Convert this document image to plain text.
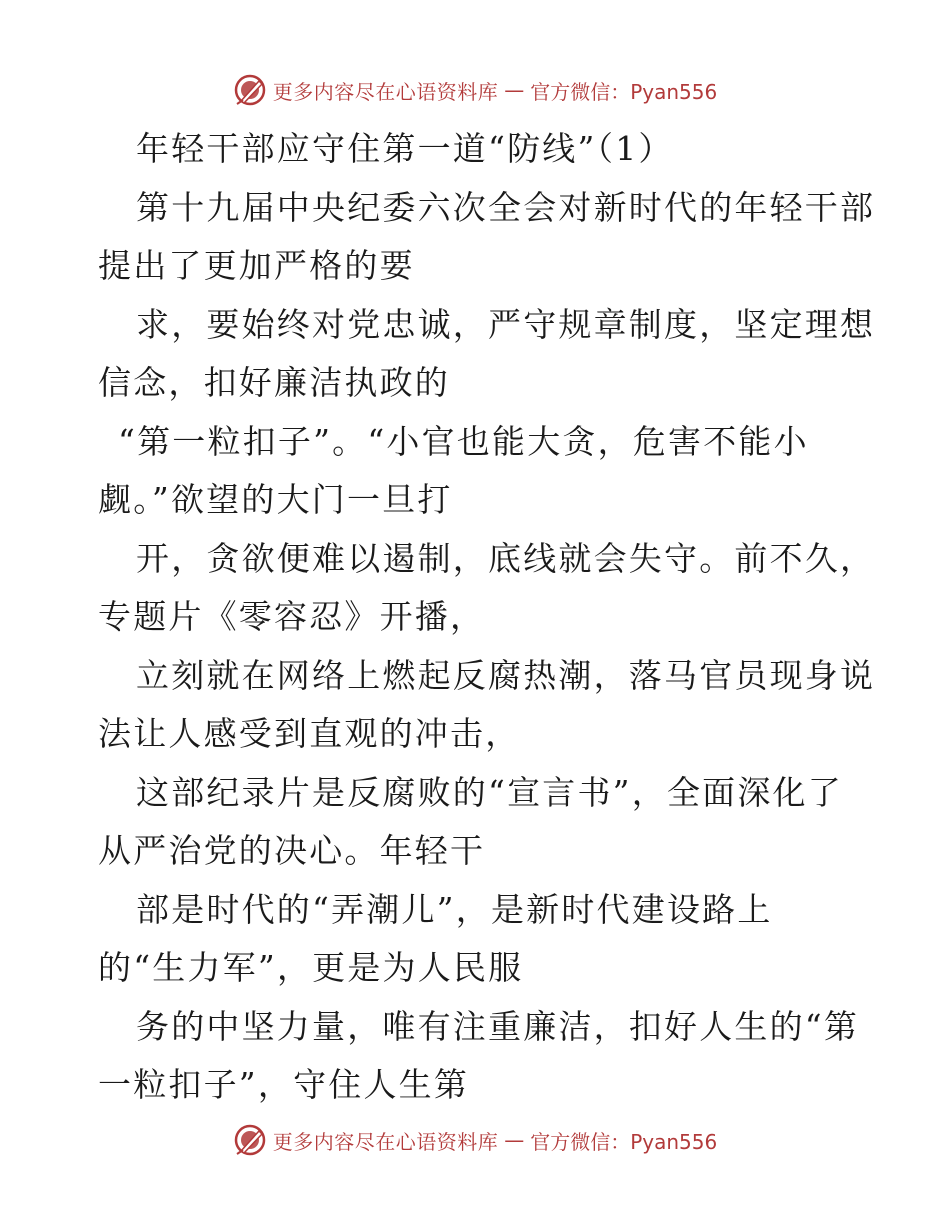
更多内容尽在心语资料库 — 官方微信：Pyan556
年轻干部应守住第一道“防线”（1）
第十九届中央纪委六次全会对新时代的年轻干部
提出了更加严格的要
求，要始终对党忠诚，严守规章制度，坚定理想
信念，扣好廉洁执政的
“第一粒扣子”。“小官也能大贪，危害不能小
觑。”欲望的大门一旦打
开，贪欲便难以遏制，底线就会失守。前不久，
专题片《零容忍》开播，
立刻就在网络上燃起反腐热潮，落马官员现身说
法让人感受到直观的冲击，
这部纪录片是反腐败的“宣言书”，全面深化了
从严治党的决心。年轻干
部是时代的“弄潮儿”，是新时代建设路上
的“生力军”，更是为人民服
务的中坚力量，唯有注重廉洁，扣好人生的“第
一粒扣子”，守住人生第
更多内容尽在心语资料库 — 官方微信：Pyan556
